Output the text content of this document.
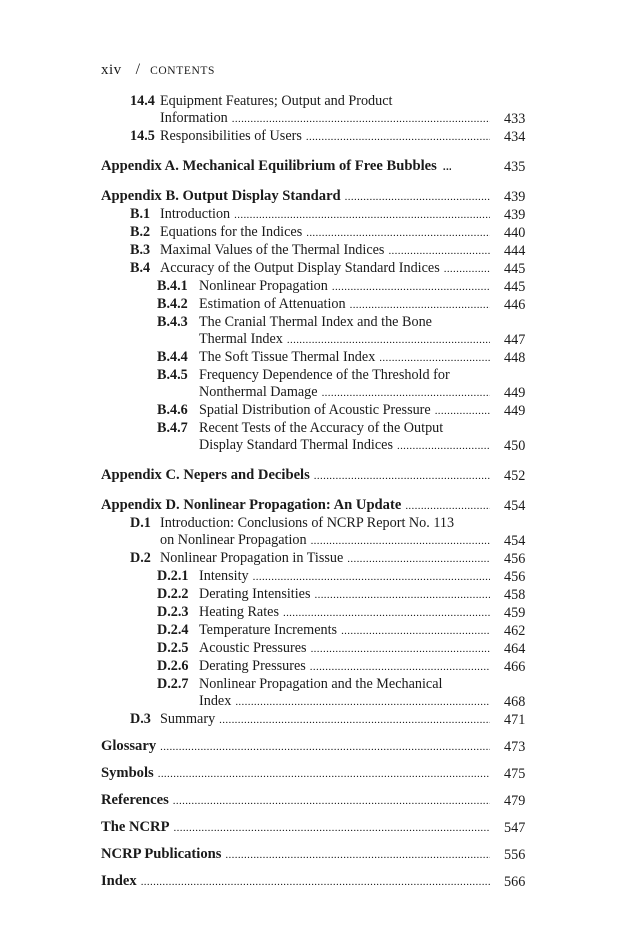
xiv / CONTENTS
14.4 Equipment Features; Output and Product
Information . . .	433
14.5 Responsibilities of Users . . .	434
Appendix A. Mechanical Equilibrium of Free Bubbles . . .	435
Appendix B. Output Display Standard . . .	439
B.1 Introduction . . .	439
B.2 Equations for the Indices . . .	440
B.3 Maximal Values of the Thermal Indices . . .	444
B.4 Accuracy of the Output Display Standard Indices . . .	445
B.4.1 Nonlinear Propagation . . .	445
B.4.2 Estimation of Attenuation . . .	446
B.4.3 The Cranial Thermal Index and the Bone
Thermal Index . . .	447
B.4.4 The Soft Tissue Thermal Index . . .	448
B.4.5 Frequency Dependence of the Threshold for
Nonthermal Damage . . .	449
B.4.6 Spatial Distribution of Acoustic Pressure . . .	449
B.4.7 Recent Tests of the Accuracy of the Output
Display Standard Thermal Indices . . .	450
Appendix C. Nepers and Decibels . . .	452
Appendix D. Nonlinear Propagation: An Update . . .	454
D.1 Introduction: Conclusions of NCRP Report No. 113
on Nonlinear Propagation . . .	454
D.2 Nonlinear Propagation in Tissue . . .	456
D.2.1 Intensity . . .	456
D.2.2 Derating Intensities . . .	458
D.2.3 Heating Rates . . .	459
D.2.4 Temperature Increments . . .	462
D.2.5 Acoustic Pressures . . .	464
D.2.6 Derating Pressures . . .	466
D.2.7 Nonlinear Propagation and the Mechanical
Index . . .	468
D.3 Summary . . .	471
Glossary . . .	473
Symbols . . .	475
References . . .	479
The NCRP . . .	547
NCRP Publications . . .	556
Index . . .	566
